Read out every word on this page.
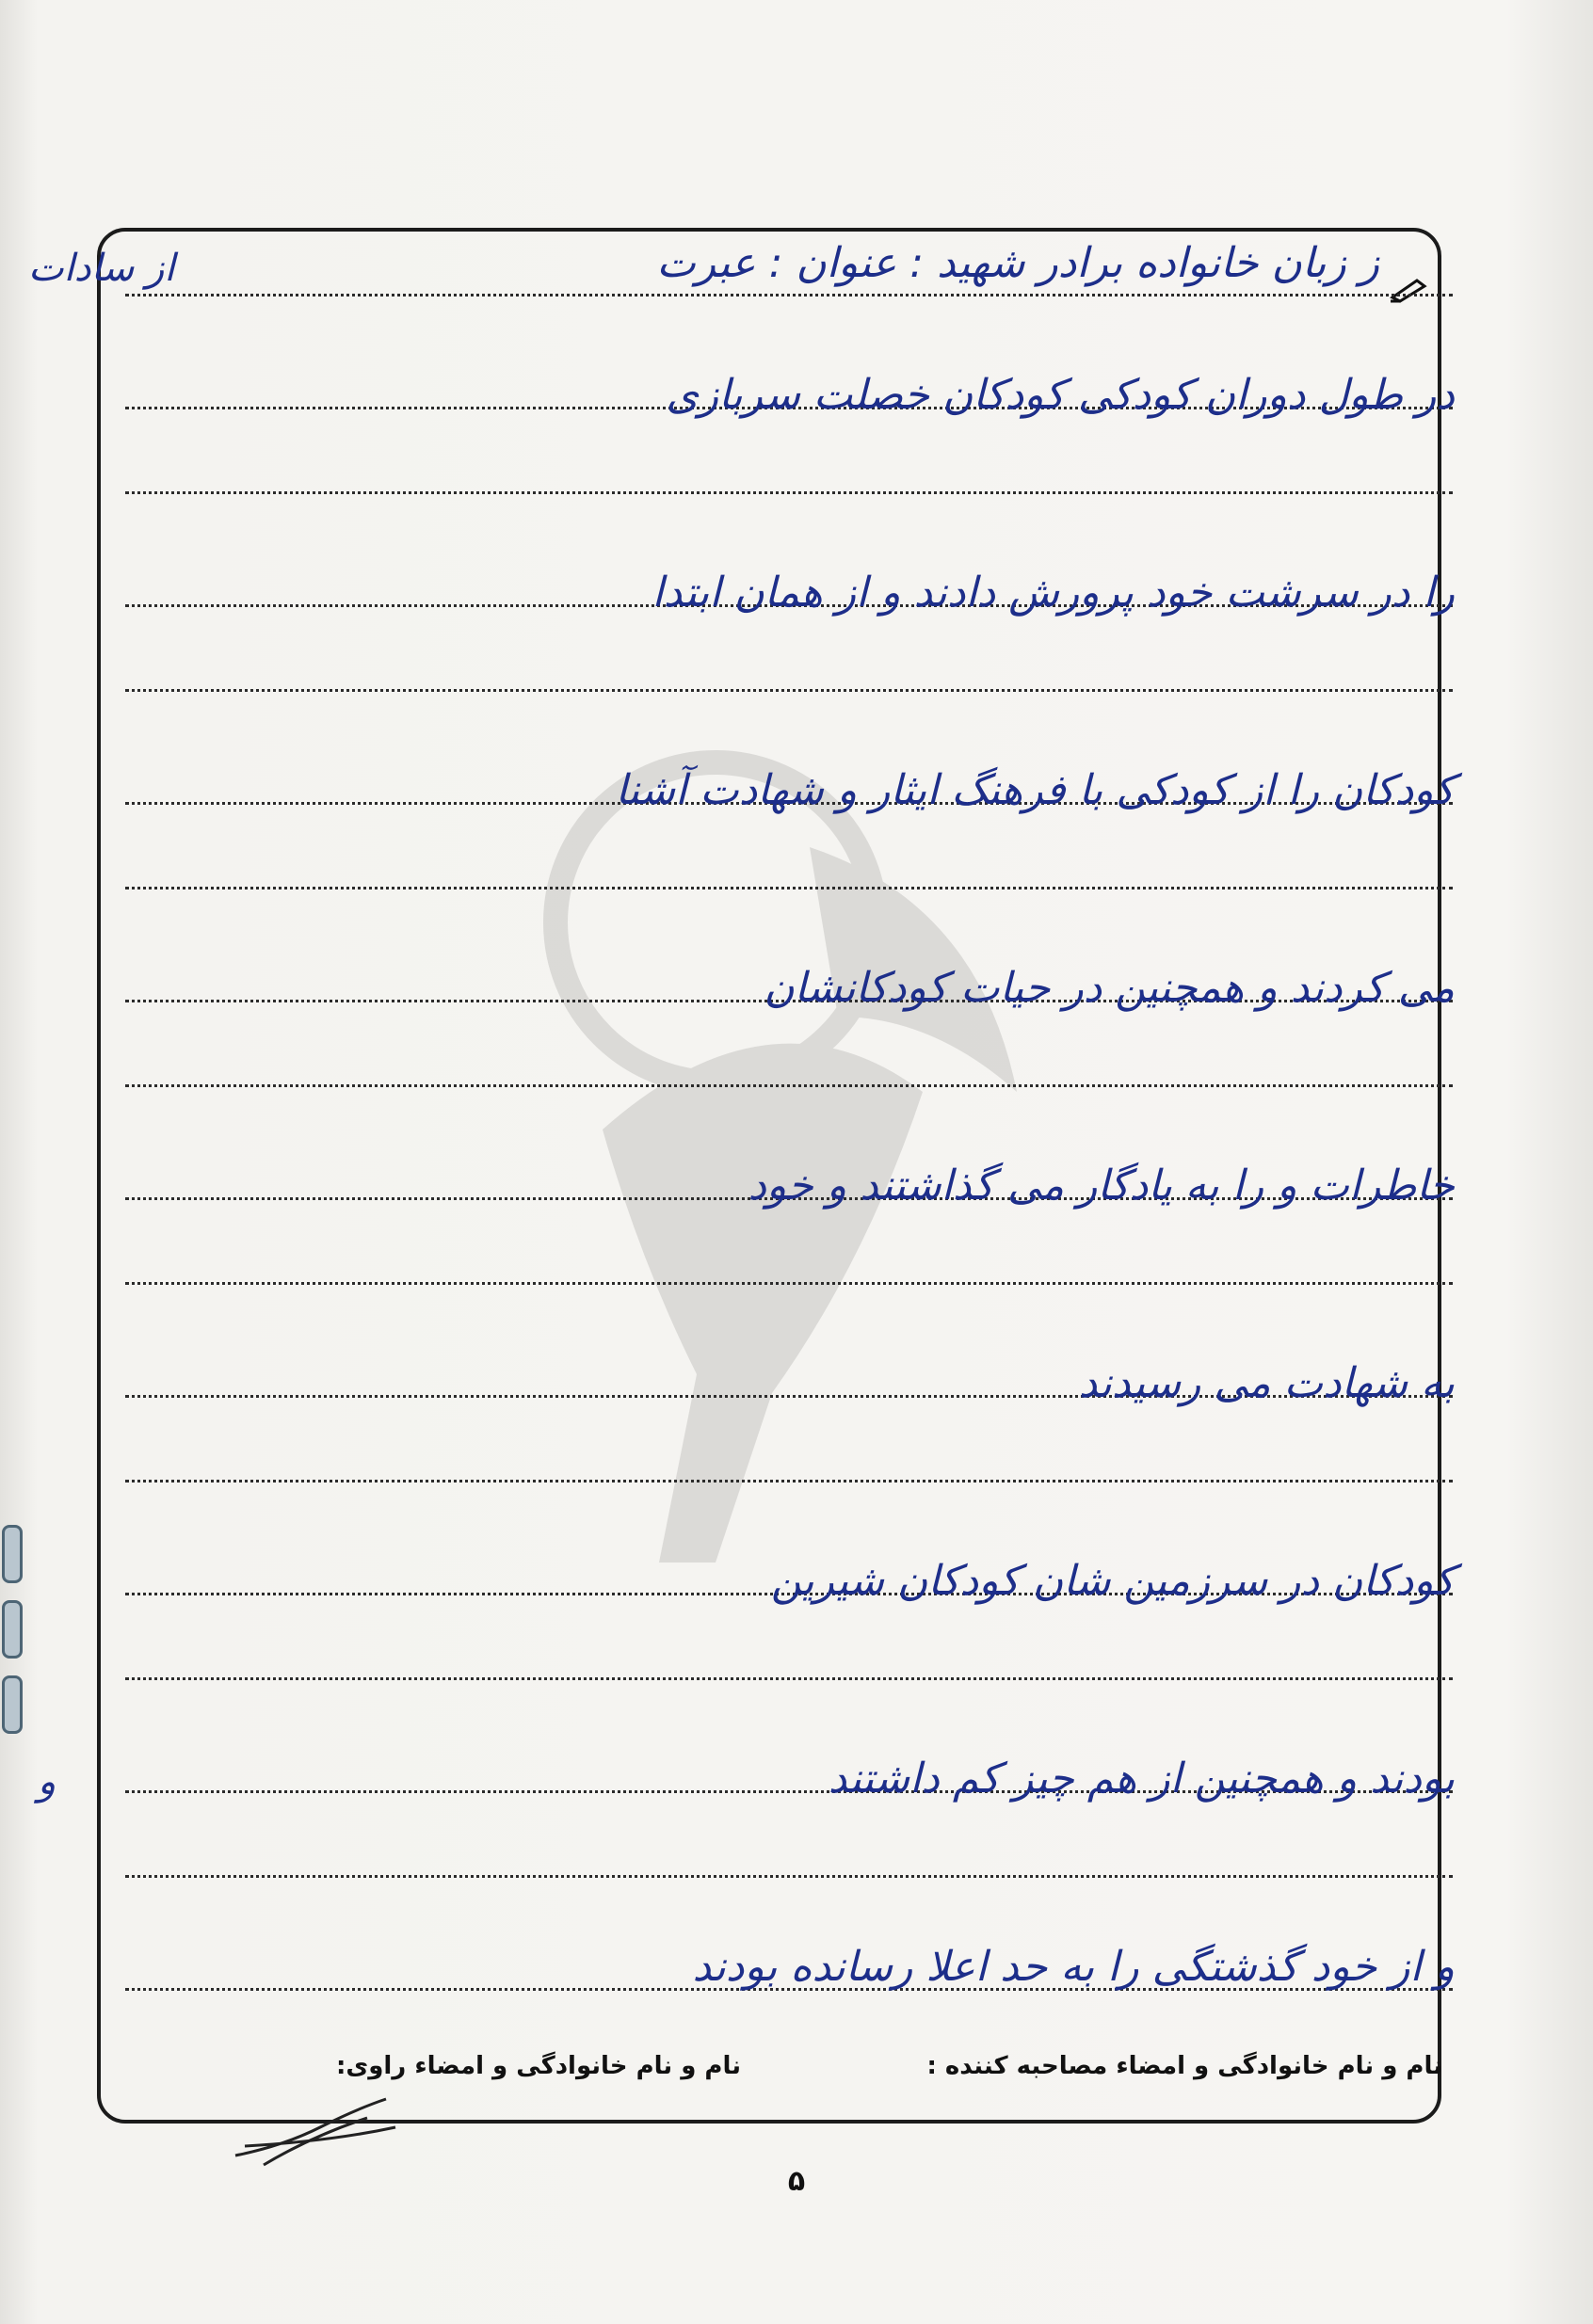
ز زبان خانواده برادر شهید : عنوان : عبرت
در طول دوران کودکی کودکان خصلت سربازی
را در سرشت خود پرورش دادند و از همان ابتدا
کودکان را از کودکی با فرهنگ ایثار و شهادت آشنا
می کردند و همچنین در حیات کودکانشان
خاطرات و را به یادگار می گذاشتند و خود
به شهادت می رسیدند
کودکان در سرزمین شان کودکان شیرین
بودند و همچنین از هم چیز کم داشتند
و از خود گذشتگی را به حد اعلا رسانده بودند
از سادات
و
نام و نام خانوادگی و امضاء مصاحبه کننده :
نام و نام خانوادگی و امضاء راوی:
۵
